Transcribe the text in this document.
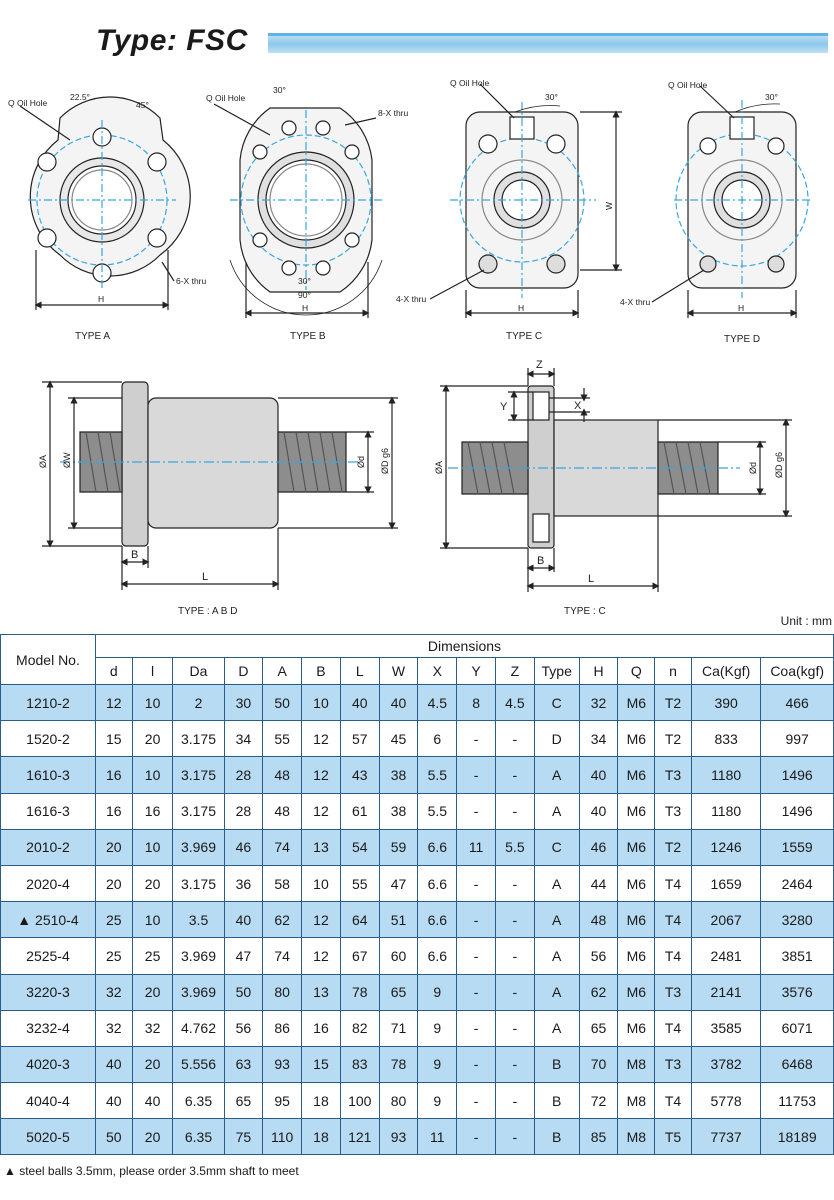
Type: FSC
Q Oil Hole
22.5°
45°
6-X thru
H
TYPE A
Q Oil Hole
30°
8-X thru
30°
90°
H
TYPE B
Q Oil Hole
30°
W
4-X thru
H
TYPE C
Q Oil Hole
30°
4-X thru
H
TYPE D
ØA ØW	Ød ØD g6
B
L
TYPE : A B D
ØA	Ød ØD g6
Z
Y	X
B
L
TYPE : C
Unit : mm
Model No.	Dimensions																
	d	l	Da	D	A	B	L	W	X	Y	Z	Type	H	Q	n	Ca(Kgf)	Coa(kgf)
1210-2	12	10	2	30	50	10	40	40	4.5	8	4.5	C	32	M6	T2	390	466
1520-2	15	20	3.175	34	55	12	57	45	6	-	-	D	34	M6	T2	833	997
1610-3	16	10	3.175	28	48	12	43	38	5.5	-	-	A	40	M6	T3	1180	1496
1616-3	16	16	3.175	28	48	12	61	38	5.5	-	-	A	40	M6	T3	1180	1496
2010-2	20	10	3.969	46	74	13	54	59	6.6	11	5.5	C	46	M6	T2	1246	1559
2020-4	20	20	3.175	36	58	10	55	47	6.6	-	-	A	44	M6	T4	1659	2464
▲ 2510-4	25	10	3.5	40	62	12	64	51	6.6	-	-	A	48	M6	T4	2067	3280
2525-4	25	25	3.969	47	74	12	67	60	6.6	-	-	A	56	M6	T4	2481	3851
3220-3	32	20	3.969	50	80	13	78	65	9	-	-	A	62	M6	T3	2141	3576
3232-4	32	32	4.762	56	86	16	82	71	9	-	-	A	65	M6	T4	3585	6071
4020-3	40	20	5.556	63	93	15	83	78	9	-	-	B	70	M8	T3	3782	6468
4040-4	40	40	6.35	65	95	18	100	80	9	-	-	B	72	M8	T4	5778	11753
5020-5	50	20	6.35	75	110	18	121	93	11	-	-	B	85	M8	T5	7737	18189
▲ steel balls 3.5mm, please order 3.5mm shaft to meet
